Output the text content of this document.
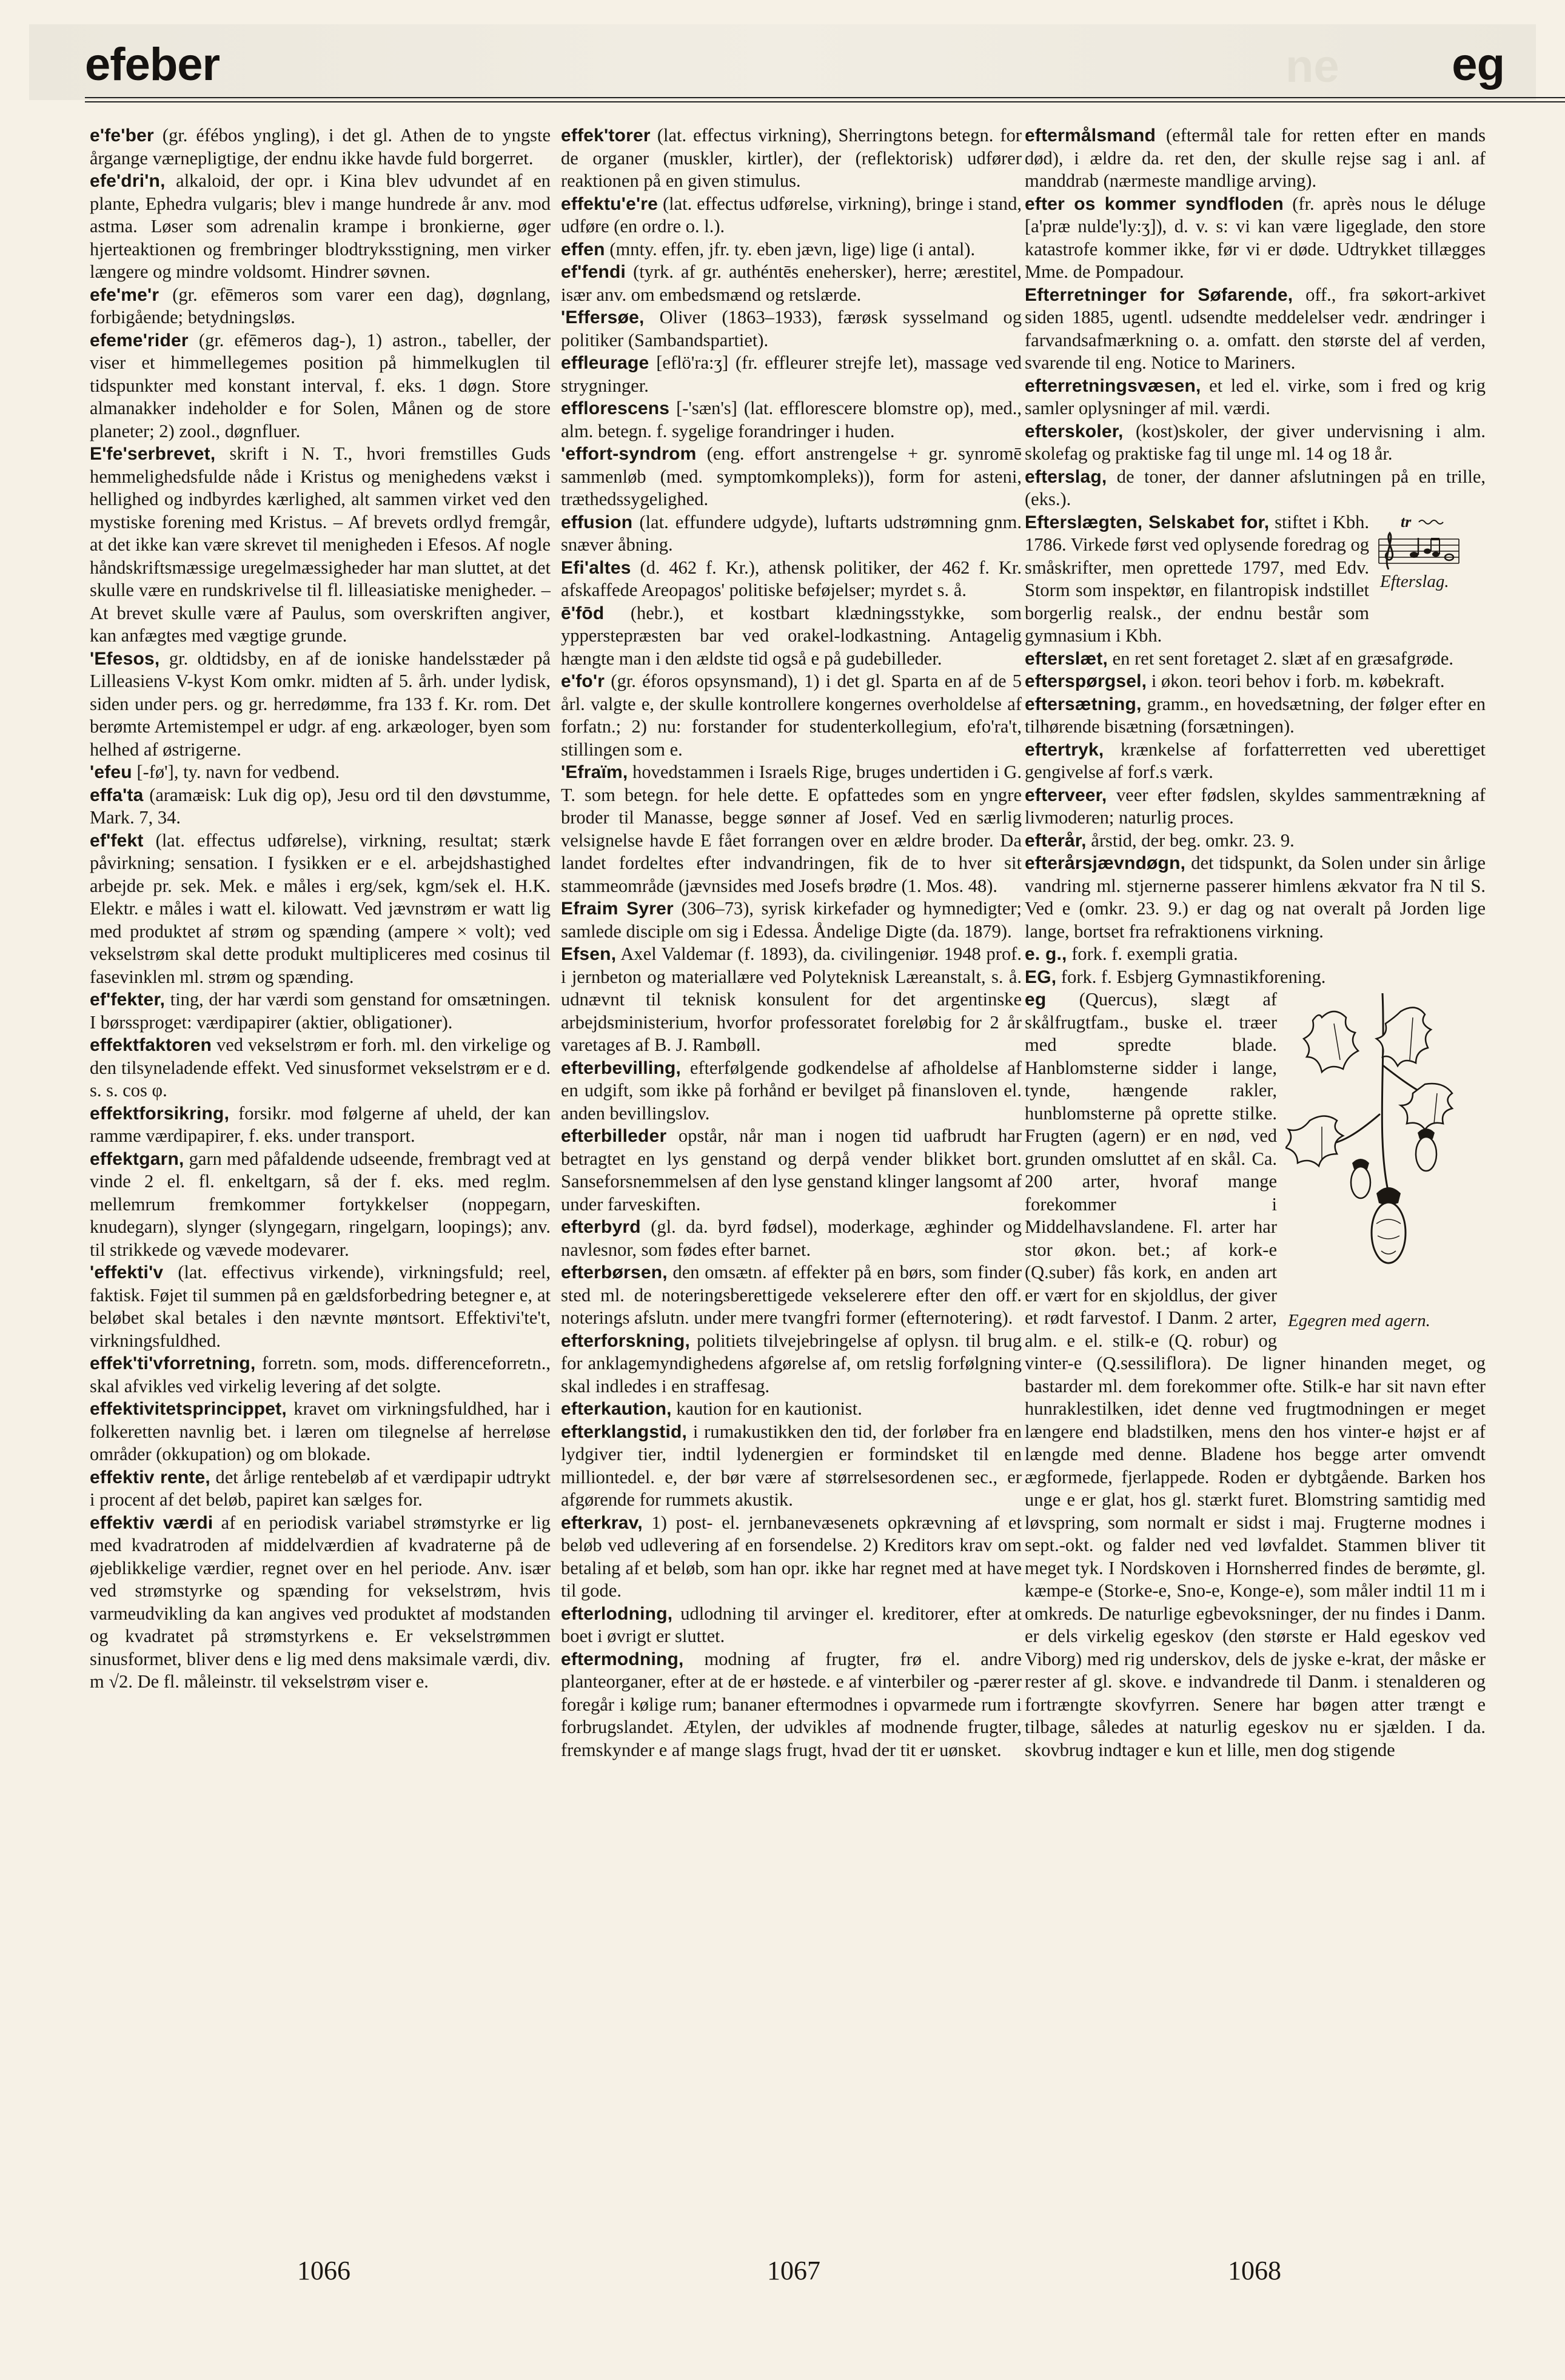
ne
efeber	eg

e'fe'ber (gr. éfébos yngling), i det gl. Athen de to yngste årgange værnepligtige, der endnu ikke havde fuld borgerret.

efe'dri'n, alkaloid, der opr. i Kina blev udvundet af en plante, Ephedra vulgaris; blev i mange hundrede år anv. mod astma. Løser som adrenalin krampe i bronkierne, øger hjerteaktionen og frembringer blodtryksstigning, men virker længere og mindre voldsomt. Hindrer søvnen.

efe'me'r (gr. efēmeros som varer een dag), døgnlang, forbigående; betydningsløs.

efeme'rider (gr. efēmeros dag-), 1) astron., tabeller, der viser et himmellegemes position på himmelkuglen til tidspunkter med konstant interval, f. eks. 1 døgn. Store almanakker indeholder e for Solen, Månen og de store planeter; 2) zool., døgnfluer.

E'fe'serbrevet, skrift i N. T., hvori fremstilles Guds hemmelighedsfulde nåde i Kristus og menighedens vækst i hellighed og indbyrdes kærlighed, alt sammen virket ved den mystiske forening med Kristus. – Af brevets ordlyd fremgår, at det ikke kan være skrevet til menigheden i Efesos. Af nogle håndskriftsmæssige uregelmæssigheder har man sluttet, at det skulle være en rundskrivelse til fl. lilleasiatiske menigheder. – At brevet skulle være af Paulus, som overskriften angiver, kan anfægtes med vægtige grunde.

'Efesos, gr. oldtidsby, en af de ioniske handelsstæder på Lilleasiens V-kyst Kom omkr. midten af 5. årh. under lydisk, siden under pers. og gr. herredømme, fra 133 f. Kr. rom. Det berømte Artemistempel er udgr. af eng. arkæologer, byen som helhed af østrigerne.

'efeu [-fø'], ty. navn for vedbend.

effa'ta (aramæisk: Luk dig op), Jesu ord til den døvstumme, Mark. 7, 34.

ef'fekt (lat. effectus udførelse), virkning, resultat; stærk påvirkning; sensation. I fysikken er e el. arbejdshastighed arbejde pr. sek. Mek. e måles i erg/sek, kgm/sek el. H.K. Elektr. e måles i watt el. kilowatt. Ved jævnstrøm er watt lig med produktet af strøm og spænding (ampere × volt); ved vekselstrøm skal dette produkt multipliceres med cosinus til fasevinklen ml. strøm og spænding.

ef'fekter, ting, der har værdi som genstand for omsætningen. I børssproget: værdipapirer (aktier, obligationer).

effektfaktoren ved vekselstrøm er forh. ml. den virkelige og den tilsyneladende effekt. Ved sinusformet vekselstrøm er e d. s. s. cos φ.

effektforsikring, forsikr. mod følgerne af uheld, der kan ramme værdipapirer, f. eks. under transport.

effektgarn, garn med påfaldende udseende, frembragt ved at vinde 2 el. fl. enkeltgarn, så der f. eks. med reglm. mellemrum fremkommer fortykkelser (noppegarn, knudegarn), slynger (slyngegarn, ringelgarn, loopings); anv. til strikkede og vævede modevarer.

'effekti'v (lat. effectivus virkende), virkningsfuld; reel, faktisk. Føjet til summen på en gældsforbedring betegner e, at beløbet skal betales i den nævnte møntsort. Effektivi'te't, virkningsfuldhed.

effek'ti'vforretning, forretn. som, mods. differenceforretn., skal afvikles ved virkelig levering af det solgte.

effektivitetsprincippet, kravet om virkningsfuldhed, har i folkeretten navnlig bet. i læren om tilegnelse af herreløse områder (okkupation) og om blokade.

effektiv rente, det årlige rentebeløb af et værdipapir udtrykt i procent af det beløb, papiret kan sælges for.

effektiv værdi af en periodisk variabel strømstyrke er lig med kvadratroden af middelværdien af kvadraterne på de øjeblikkelige værdier, regnet over en hel periode. Anv. især ved strømstyrke og spænding for vekselstrøm, hvis varmeudvikling da kan angives ved produktet af modstanden og kvadratet på strømstyrkens e. Er vekselstrømmen sinusformet, bliver dens e lig med dens maksimale værdi, div. m √2. De fl. måleinstr. til vekselstrøm viser e.

effek'torer (lat. effectus virkning), Sherringtons betegn. for de organer (muskler, kirtler), der (reflektorisk) udfører reaktionen på en given stimulus.

effektu'e're (lat. effectus udførelse, virkning), bringe i stand, udføre (en ordre o. l.).

effen (mnty. effen, jfr. ty. eben jævn, lige) lige (i antal).

ef'fendi (tyrk. af gr. authéntēs enehersker), herre; ærestitel, især anv. om embedsmænd og retslærde.

'Effersøe, Oliver (1863–1933), færøsk sysselmand og politiker (Sambandspartiet).

effleurage [eflö'ra:ʒ] (fr. effleurer strejfe let), massage ved strygninger.

efflorescens [-'sæn's] (lat. efflorescere blomstre op), med., alm. betegn. f. sygelige forandringer i huden.

'effort-syndrom (eng. effort anstrengelse + gr. synromē sammenløb (med. symptomkompleks)), form for asteni, træthedssygelighed.

effusion (lat. effundere udgyde), luftarts udstrømning gnm. snæver åbning.

Efi'altes (d. 462 f. Kr.), athensk politiker, der 462 f. Kr. afskaffede Areopagos' politiske beføjelser; myrdet s. å.

ē'fōd (hebr.), et kostbart klædningsstykke, som ypperstepræsten bar ved orakel-lodkastning. Antagelig hængte man i den ældste tid også e på gudebilleder.

e'fo'r (gr. éforos opsynsmand), 1) i det gl. Sparta en af de 5 årl. valgte e, der skulle kontrollere kongernes overholdelse af forfatn.; 2) nu: forstander for studenterkollegium, efo'ra't, stillingen som e.

'Efraïm, hovedstammen i Israels Rige, bruges undertiden i G. T. som betegn. for hele dette. E opfattedes som en yngre broder til Manasse, begge sønner af Josef. Ved en særlig velsignelse havde E fået forrangen over en ældre broder. Da landet fordeltes efter indvandringen, fik de to hver sit stammeområde (jævnsides med Josefs brødre (1. Mos. 48).

Efraim Syrer (306–73), syrisk kirkefader og hymnedigter; samlede disciple om sig i Edessa. Åndelige Digte (da. 1879).

Efsen, Axel Valdemar (f. 1893), da. civilingeniør. 1948 prof. i jernbeton og materiallære ved Polyteknisk Læreanstalt, s. å. udnævnt til teknisk konsulent for det argentinske arbejdsministerium, hvorfor professoratet foreløbig for 2 år varetages af B. J. Rambøll.

efterbevilling, efterfølgende godkendelse af afholdelse af en udgift, som ikke på forhånd er bevilget på finansloven el. anden bevillingslov.

efterbilleder opstår, når man i nogen tid uafbrudt har betragtet en lys genstand og derpå vender blikket bort. Sanseforsnemmelsen af den lyse genstand klinger langsomt af under farveskiften.

efterbyrd (gl. da. byrd fødsel), moderkage, æghinder og navlesnor, som fødes efter barnet.

efterbørsen, den omsætn. af effekter på en børs, som finder sted ml. de noteringsberettigede vekselerere efter den off. noterings afslutn. under mere tvangfri former (efternotering).

efterforskning, politiets tilvejebringelse af oplysn. til brug for anklagemyndighedens afgørelse af, om retslig forfølgning skal indledes i en straffesag.

efterkaution, kaution for en kautionist.

efterklangstid, i rumakustikken den tid, der forløber fra en lydgiver tier, indtil lydenergien er formindsket til en milliontedel. e, der bør være af størrelsesordenen sec., er afgørende for rummets akustik.

efterkrav, 1) post- el. jernbanevæsenets opkrævning af et beløb ved udlevering af en forsendelse. 2) Kreditors krav om betaling af et beløb, som han opr. ikke har regnet med at have til gode.

efterlodning, udlodning til arvinger el. kreditorer, efter at boet i øvrigt er sluttet.

eftermodning, modning af frugter, frø el. andre planteorganer, efter at de er høstede. e af vinterbiler og -pærer foregår i kølige rum; bananer eftermodnes i opvarmede rum i forbrugslandet. Ætylen, der udvikles af modnende frugter, fremskynder e af mange slags frugt, hvad der tit er uønsket.

eftermålsmand (eftermål tale for retten efter en mands død), i ældre da. ret den, der skulle rejse sag i anl. af manddrab (nærmeste mandlige arving).

efter os kommer syndfloden (fr. après nous le déluge [a'præ nulde'ly:ʒ]), d. v. s: vi kan være ligeglade, den store katastrofe kommer ikke, før vi er døde. Udtrykket tillægges Mme. de Pompadour.

Efterretninger for Søfarende, off., fra søkort-arkivet siden 1885, ugentl. udsendte meddelelser vedr. ændringer i farvandsafmærkning o. a. omfatt. den største del af verden, svarende til eng. Notice to Mariners.

efterretningsvæsen, et led el. virke, som i fred og krig samler oplysninger af mil. værdi.

efterskoler, (kost)skoler, der giver undervisning i alm. skolefag og praktiske fag til unge ml. 14 og 18 år.

efterslag, de toner, der danner afslutningen på en trille, (eks.).

tr
Efterslag.

Efterslægten, Selskabet for, stiftet i Kbh. 1786. Virkede først ved oplysende foredrag og småskrifter, men oprettede 1797, med Edv. Storm som inspektør, en filantropisk indstillet borgerlig realsk., der endnu består som gymnasium i Kbh.

efterslæt, en ret sent foretaget 2. slæt af en græsafgrøde.

efterspørgsel, i økon. teori behov i forb. m. købekraft.

eftersætning, gramm., en hovedsætning, der følger efter en tilhørende bisætning (forsætningen).

eftertryk, krænkelse af forfatterretten ved uberettiget gengivelse af forf.s værk.

efterveer, veer efter fødslen, skyldes sammentrækning af livmoderen; naturlig proces.

efterår, årstid, der beg. omkr. 23. 9.

efterårsjævndøgn, det tidspunkt, da Solen under sin årlige vandring ml. stjernerne passerer himlens ækvator fra N til S. Ved e (omkr. 23. 9.) er dag og nat overalt på Jorden lige lange, bortset fra refraktionens virkning.

e. g., fork. f. exempli gratia.

EG, fork. f. Esbjerg Gymnastikforening.

Egegren med agern.

eg (Quercus), slægt af skålfrugtfam., buske el. træer med spredte blade. Hanblomsterne sidder i lange, tynde, hængende rakler, hunblomsterne på oprette stilke. Frugten (agern) er en nød, ved grunden omsluttet af en skål. Ca. 200 arter, hvoraf mange forekommer i Middelhavslandene. Fl. arter har stor økon. bet.; af kork-e (Q.suber) fås kork, en anden art er vært for en skjoldlus, der giver et rødt farvestof. I Danm. 2 arter, alm. e el. stilk-e (Q. robur) og vinter-e (Q.sessiliflora). De ligner hinanden meget, og bastarder ml. dem forekommer ofte. Stilk-e har sit navn efter hunraklestilken, idet denne ved frugtmodningen er meget længere end bladstilken, mens den hos vinter-e højst er af længde med denne. Bladene hos begge arter omvendt ægformede, fjerlappede. Roden er dybtgående. Barken hos unge e er glat, hos gl. stærkt furet. Blomstring samtidig med løvspring, som normalt er sidst i maj. Frugterne modnes i sept.-okt. og falder ned ved løvfaldet. Stammen bliver tit meget tyk. I Nordskoven i Hornsherred findes de berømte, gl. kæmpe-e (Storke-e, Sno-e, Konge-e), som måler indtil 11 m i omkreds. De naturlige egbevoksninger, der nu findes i Danm. er dels virkelig egeskov (den største er Hald egeskov ved Viborg) med rig underskov, dels de jyske e-krat, der måske er rester af gl. skove. e indvandrede til Danm. i stenalderen og fortrængte skovfyrren. Senere har bøgen atter trængt e tilbage, således at naturlig egeskov nu er sjælden. I da. skovbrug indtager e kun et lille, men dog stigende

1066	1067	1068
